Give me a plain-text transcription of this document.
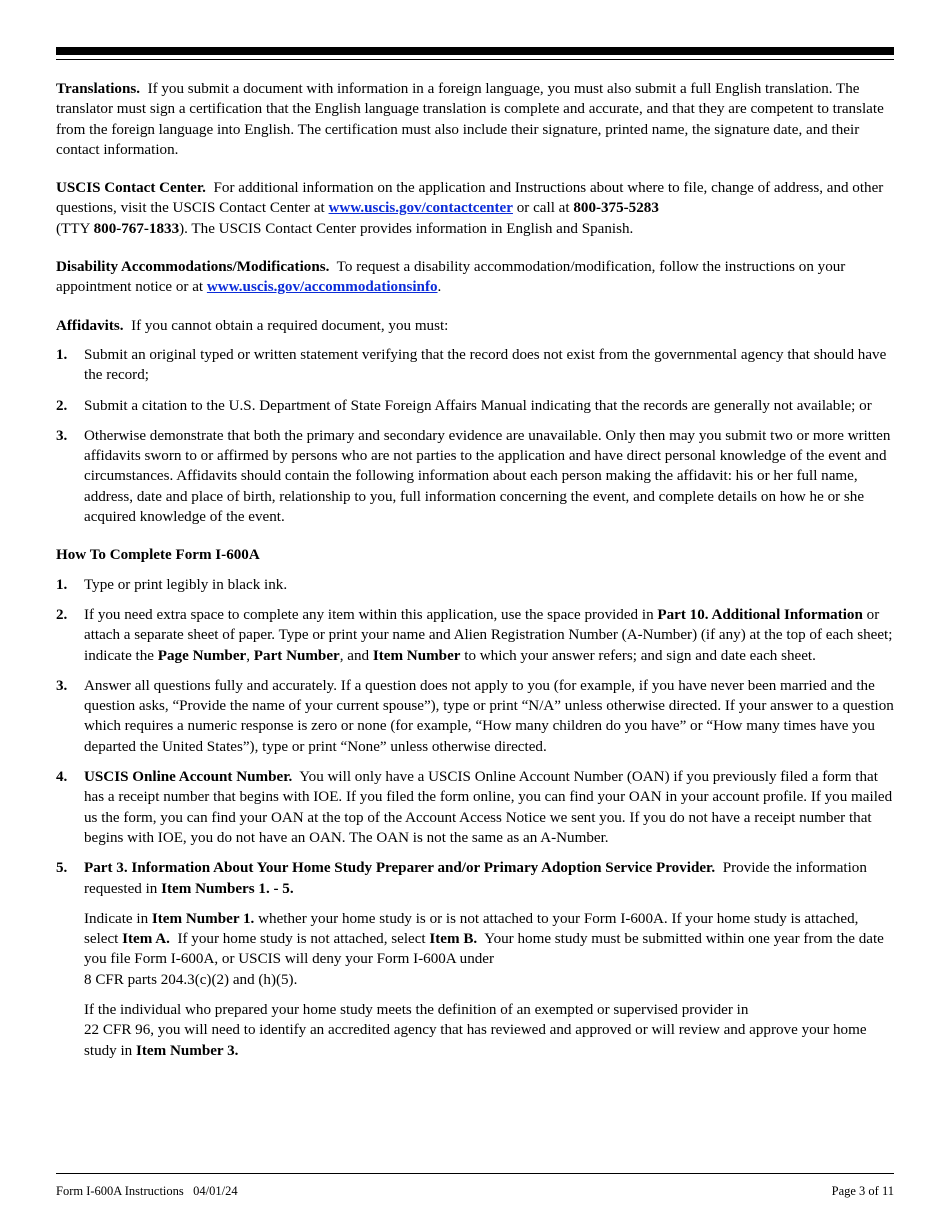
Translations. If you submit a document with information in a foreign language, you must also submit a full English translation. The translator must sign a certification that the English language translation is complete and accurate, and that they are competent to translate from the foreign language into English. The certification must also include their signature, printed name, the signature date, and their contact information.

USCIS Contact Center. For additional information on the application and Instructions about where to file, change of address, and other questions, visit the USCIS Contact Center at www.uscis.gov/contactcenter or call at 800-375-5283
(TTY 800-767-1833). The USCIS Contact Center provides information in English and Spanish.

Disability Accommodations/Modifications. To request a disability accommodation/modification, follow the instructions on your appointment notice or at www.uscis.gov/accommodationsinfo.

Affidavits. If you cannot obtain a required document, you must:

1. Submit an original typed or written statement verifying that the record does not exist from the governmental agency that should have the record;
2. Submit a citation to the U.S. Department of State Foreign Affairs Manual indicating that the records are generally not available; or
3. Otherwise demonstrate that both the primary and secondary evidence are unavailable. Only then may you submit two or more written affidavits sworn to or affirmed by persons who are not parties to the application and have direct personal knowledge of the event and circumstances. Affidavits should contain the following information about each person making the affidavit: his or her full name, address, date and place of birth, relationship to you, full information concerning the event, and complete details on how he or she acquired knowledge of the event.

How To Complete Form I-600A

1. Type or print legibly in black ink.
2. If you need extra space to complete any item within this application, use the space provided in Part 10. Additional Information or attach a separate sheet of paper. Type or print your name and Alien Registration Number (A-Number) (if any) at the top of each sheet; indicate the Page Number, Part Number, and Item Number to which your answer refers; and sign and date each sheet.
3. Answer all questions fully and accurately. If a question does not apply to you (for example, if you have never been married and the question asks, “Provide the name of your current spouse”), type or print “N/A” unless otherwise directed. If your answer to a question which requires a numeric response is zero or none (for example, “How many children do you have” or “How many times have you departed the United States”), type or print “None” unless otherwise directed.
4. USCIS Online Account Number. You will only have a USCIS Online Account Number (OAN) if you previously filed a form that has a receipt number that begins with IOE. If you filed the form online, you can find your OAN in your account profile. If you mailed us the form, you can find your OAN at the top of the Account Access Notice we sent you. If you do not have a receipt number that begins with IOE, you do not have an OAN. The OAN is not the same as an A-Number.
5. Part 3. Information About Your Home Study Preparer and/or Primary Adoption Service Provider. Provide the information requested in Item Numbers 1. - 5.

Indicate in Item Number 1. whether your home study is or is not attached to your Form I-600A. If your home study is attached, select Item A. If your home study is not attached, select Item B. Your home study must be submitted within one year from the date you file Form I-600A, or USCIS will deny your Form I-600A under
8 CFR parts 204.3(c)(2) and (h)(5).

If the individual who prepared your home study meets the definition of an exempted or supervised provider in
22 CFR 96, you will need to identify an accredited agency that has reviewed and approved or will review and approve your home study in Item Number 3.

Form I-600A Instructions   04/01/24	Page 3 of 11
